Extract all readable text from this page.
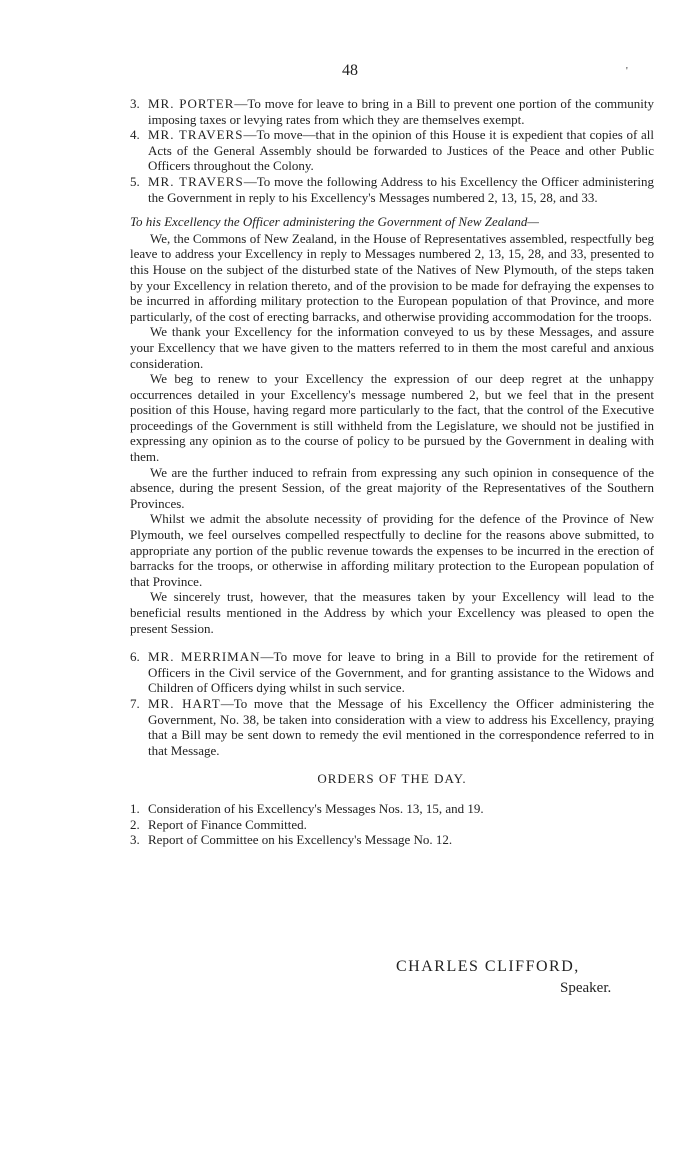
48	'

3. MR. PORTER—To move for leave to bring in a Bill to prevent one portion of the community imposing taxes or levying rates from which they are themselves exempt.

4. MR. TRAVERS—To move—that in the opinion of this House it is expedient that copies of all Acts of the General Assembly should be forwarded to Justices of the Peace and other Public Officers throughout the Colony.

5. MR. TRAVERS—To move the following Address to his Excellency the Officer administering the Government in reply to his Excellency's Messages numbered 2, 13, 15, 28, and 33.

To his Excellency the Officer administering the Government of New Zealand—

We, the Commons of New Zealand, in the House of Representatives assembled, respectfully beg leave to address your Excellency in reply to Messages numbered 2, 13, 15, 28, and 33, presented to this House on the subject of the disturbed state of the Natives of New Plymouth, of the steps taken by your Excellency in relation thereto, and of the provision to be made for defraying the expenses to be incurred in affording military protection to the European population of that Province, and more particularly, of the cost of erecting barracks, and otherwise providing accommodation for the troops.

We thank your Excellency for the information conveyed to us by these Messages, and assure your Excellency that we have given to the matters referred to in them the most careful and anxious consideration.

We beg to renew to your Excellency the expression of our deep regret at the unhappy occurrences detailed in your Excellency's message numbered 2, but we feel that in the present position of this House, having regard more particularly to the fact, that the control of the Executive proceedings of the Government is still withheld from the Legislature, we should not be justified in expressing any opinion as to the course of policy to be pursued by the Government in dealing with them.

We are the further induced to refrain from expressing any such opinion in consequence of the absence, during the present Session, of the great majority of the Representatives of the Southern Provinces.

Whilst we admit the absolute necessity of providing for the defence of the Province of New Plymouth, we feel ourselves compelled respectfully to decline for the reasons above submitted, to appropriate any portion of the public revenue towards the expenses to be incurred in the erection of barracks for the troops, or otherwise in affording military protection to the European population of that Province.

We sincerely trust, however, that the measures taken by your Excellency will lead to the beneficial results mentioned in the Address by which your Excellency was pleased to open the present Session.

6. MR. MERRIMAN—To move for leave to bring in a Bill to provide for the retirement of Officers in the Civil service of the Government, and for granting assistance to the Widows and Children of Officers dying whilst in such service.

7. MR. HART—To move that the Message of his Excellency the Officer administering the Government, No. 38, be taken into consideration with a view to address his Excellency, praying that a Bill may be sent down to remedy the evil mentioned in the correspondence referred to in that Message.

ORDERS OF THE DAY.

1. Consideration of his Excellency's Messages Nos. 13, 15, and 19.

2. Report of Finance Committed.

3. Report of Committee on his Excellency's Message No. 12.

CHARLES CLIFFORD,

Speaker.
